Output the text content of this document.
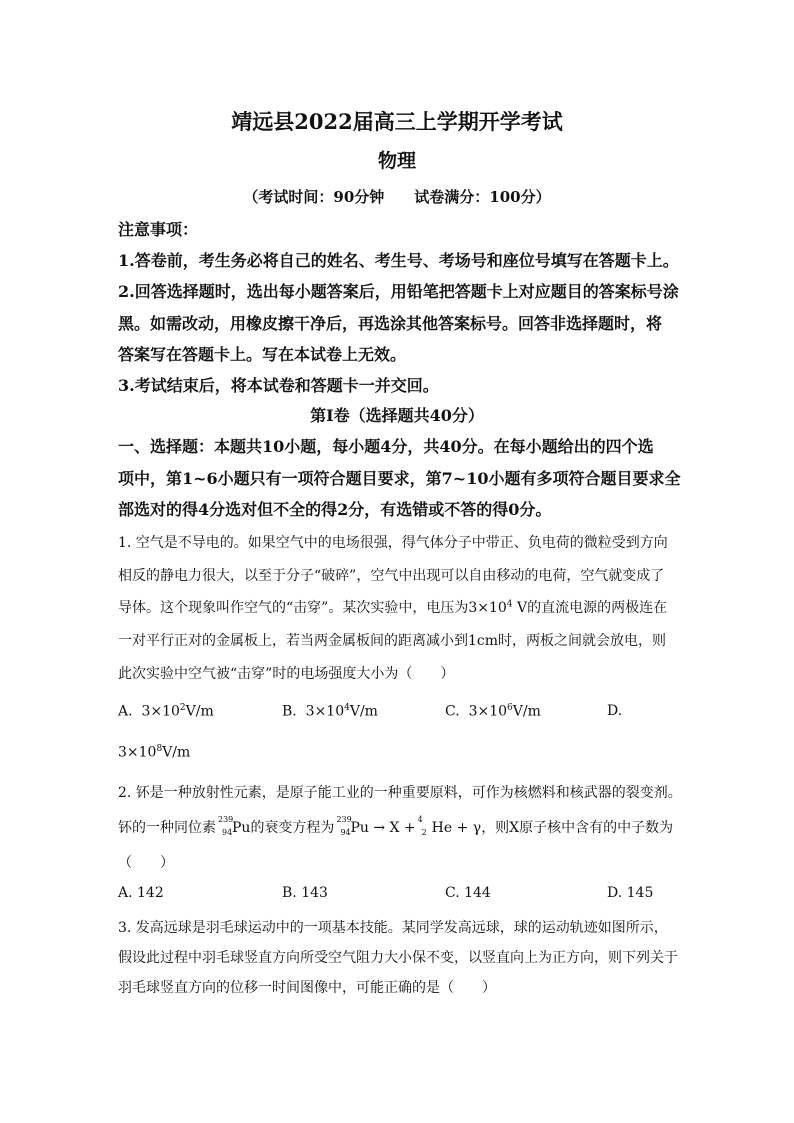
靖远县2022届高三上学期开学考试
物理
（考试时间：90分钟　　试卷满分：100分）
注意事项：
1.答卷前，考生务必将自己的姓名、考生号、考场号和座位号填写在答题卡上。
2.回答选择题时，选出每小题答案后，用铅笔把答题卡上对应题目的答案标号涂
黑。如需改动，用橡皮擦干净后，再选涂其他答案标号。回答非选择题时，将
答案写在答题卡上。写在本试卷上无效。
3.考试结束后，将本试卷和答题卡一并交回。
第Ⅰ卷（选择题共40分）
一、选择题：本题共10小题，每小题4分，共40分。在每小题给出的四个选
项中，第1~6小题只有一项符合题目要求，第7~10小题有多项符合题目要求全
部选对的得4分选对但不全的得2分，有选错或不答的得0分。
1. 空气是不导电的。如果空气中的电场很强，得气体分子中带正、负电荷的微粒受到方向
相反的静电力很大，以至于分子“破碎”，空气中出现可以自由移动的电荷，空气就变成了
导体。这个现象叫作空气的“击穿”。某次实验中，电压为$3\times 10^4$ V的直流电源的两极连在
一对平行正对的金属板上，若当两金属板间的距离减小到1cm时，两板之间就会放电，则
此次实验中空气被“击穿”时的电场强度大小为（　　）
A. $3\times 10^2V/m$	B. $3\times 10^4V/m$	C. $3\times 10^6V/m$	D.
$3\times 10^8V/m$
2. 钚是一种放射性元素，是原子能工业的一种重要原料，可作为核燃料和核武器的裂变剂。
钚的一种同位素
239
94 Pu的衰变方程为
239
94 Pu → X +
4
2 He + γ，则X原子核中含有的中子数为
（　　）
A. 142	B. 143	C. 144	D. 145
3. 发高远球是羽毛球运动中的一项基本技能。某同学发高远球，球的运动轨迹如图所示，
假设此过程中羽毛球竖直方向所受空气阻力大小保不变，以竖直向上为正方向，则下列关于
羽毛球竖直方向的位移一时间图像中，可能正确的是（　　）
